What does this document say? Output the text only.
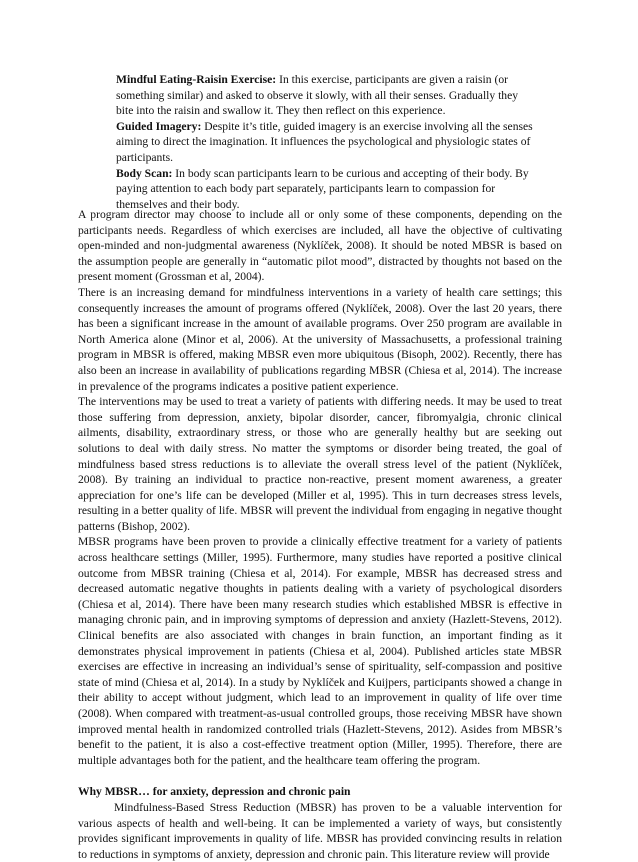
Mindful Eating-Raisin Exercise: In this exercise, participants are given a raisin (or something similar) and asked to observe it slowly, with all their senses. Gradually they bite into the raisin and swallow it. They then reflect on this experience.

Guided Imagery: Despite it’s title, guided imagery is an exercise involving all the senses aiming to direct the imagination. It influences the psychological and physiologic states of participants.

Body Scan: In body scan participants learn to be curious and accepting of their body. By paying attention to each body part separately, participants learn to compassion for themselves and their body.

A program director may choose to include all or only some of these components, depending on the participants needs. Regardless of which exercises are included, all have the objective of cultivating open-minded and non-judgmental awareness (Nyklíček, 2008). It should be noted MBSR is based on the assumption people are generally in “automatic pilot mood”, distracted by thoughts not based on the present moment (Grossman et al, 2004).

There is an increasing demand for mindfulness interventions in a variety of health care settings; this consequently increases the amount of programs offered (Nyklíček, 2008). Over the last 20 years, there has been a significant increase in the amount of available programs. Over 250 program are available in North America alone (Minor et al, 2006). At the university of Massachusetts, a professional training program in MBSR is offered, making MBSR even more ubiquitous (Bisoph, 2002). Recently, there has also been an increase in availability of publications regarding MBSR (Chiesa et al, 2014). The increase in prevalence of the programs indicates a positive patient experience.

The interventions may be used to treat a variety of patients with differing needs. It may be used to treat those suffering from depression, anxiety, bipolar disorder, cancer, fibromyalgia, chronic clinical ailments, disability, extraordinary stress, or those who are generally healthy but are seeking out solutions to deal with daily stress. No matter the symptoms or disorder being treated, the goal of mindfulness based stress reductions is to alleviate the overall stress level of the patient (Nyklíček, 2008). By training an individual to practice non-reactive, present moment awareness, a greater appreciation for one’s life can be developed (Miller et al, 1995). This in turn decreases stress levels, resulting in a better quality of life. MBSR will prevent the individual from engaging in negative thought patterns (Bishop, 2002).

MBSR programs have been proven to provide a clinically effective treatment for a variety of patients across healthcare settings (Miller, 1995). Furthermore, many studies have reported a positive clinical outcome from MBSR training (Chiesa et al, 2014). For example, MBSR has decreased stress and decreased automatic negative thoughts in patients dealing with a variety of psychological disorders (Chiesa et al, 2014). There have been many research studies which established MBSR is effective in managing chronic pain, and in improving symptoms of depression and anxiety (Hazlett-Stevens, 2012). Clinical benefits are also associated with changes in brain function, an important finding as it demonstrates physical improvement in patients (Chiesa et al, 2004). Published articles state MBSR exercises are effective in increasing an individual’s sense of spirituality, self-compassion and positive state of mind (Chiesa et al, 2014). In a study by Nyklíček and Kuijpers, participants showed a change in their ability to accept without judgment, which lead to an improvement in quality of life over time (2008). When compared with treatment-as-usual controlled groups, those receiving MBSR have shown improved mental health in randomized controlled trials (Hazlett-Stevens, 2012). Asides from MBSR’s benefit to the patient, it is also a cost-effective treatment option (Miller, 1995). Therefore, there are multiple advantages both for the patient, and the healthcare team offering the program.

Why MBSR… for anxiety, depression and chronic pain

Mindfulness-Based Stress Reduction (MBSR) has proven to be a valuable intervention for various aspects of health and well-being. It can be implemented a variety of ways, but consistently provides significant improvements in quality of life. MBSR has provided convincing results in relation to reductions in symptoms of anxiety, depression and chronic pain. This literature review will provide
